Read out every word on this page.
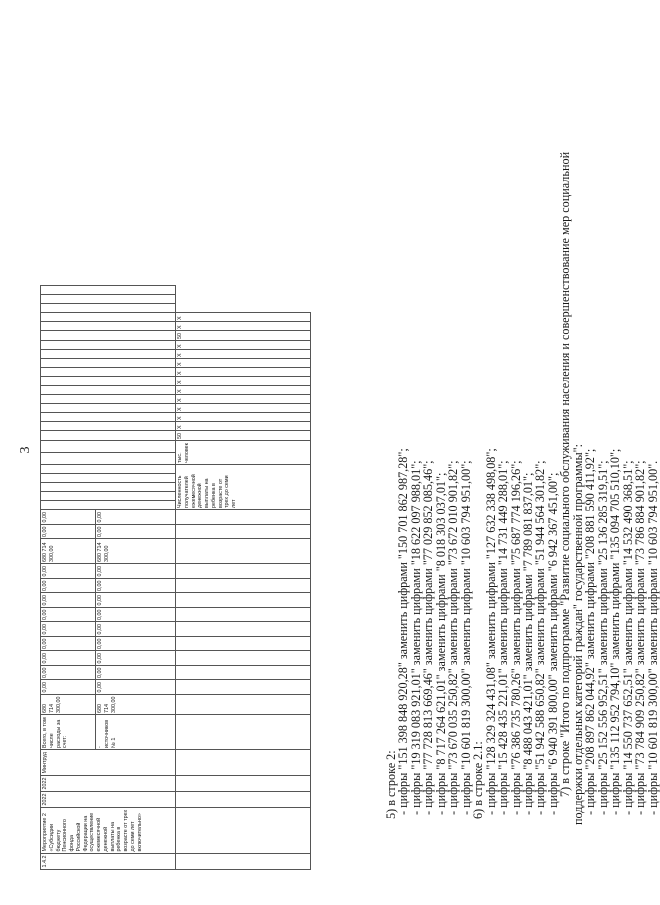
3
1.4.2	Мероприятие 2 «Субсидии бюджету Пенсионного фонда Российской Федерации на осуществление ежемесячной денежной выплаты на ребенка в возрасте от трех до семи лет включительно»	2022	2022	Минтруд	Всего, в том числе расходы за счет:	680 714 300,00	0,00	0,00	0,00	0,00	0,00	0,00	0,00	0,00	0,00	680 714 300,00	0,00	0,00																								
					- источников № 1	680 714 300,00	0,00	0,00	0,00	0,00	0,00	0,00	0,00	0,00	0,00	680 714 300,00	0,00	0,00																								
																			Численность получателей ежемесячной денежной выплаты на ребенка в возрасте от трех до семи лет					тыс. человек		50	X	X	X	X	X	X	X	X	X	X	50	X	X			
5) в строке 2:
- цифры "151 398 848 920,28" заменить цифрами "150 701 862 987,28";
- цифры "19 319 083 921,01" заменить цифрами "18 622 097 988,01";
- цифры "77 728 813 669,46" заменить цифрами "77 029 852 085,46";
- цифры "8 717 264 621,01" заменить цифрами "8 018 303 037,01";
- цифры "73 670 035 250,82" заменить цифрами "73 672 010 901,82";
- цифры "10 601 819 300,00" заменить цифрами "10 603 794 951,00";
6) в строке 2.1:
- цифры "128 329 324 431,08" заменить цифрами "127 632 338 498,08";
- цифры "15 428 435 221,01" заменить цифрами "14 731 449 288,01";
- цифры "76 386 735 780,26" заменить цифрами "75 687 774 196,26";
- цифры "8 488 043 421,01" заменить цифрами "7 789 081 837,01";
- цифры "51 942 588 650,82" заменить цифрами "51 944 564 301,82";
- цифры "6 940 391 800,00" заменить цифрами "6 942 367 451,00";
7) в строке "Итого по подпрограмме "Развитие социального обслуживания населения и совершенствование мер социальной
поддержки отдельных категорий граждан" государственной программы":
- цифры "208 897 862 044,92" заменить цифрами "208 881 590 411,92";
- цифры "25 152 556 952,51" заменить цифрами "25 136 285 319,51";
- цифры "135 112 952 794,10" заменить цифрами "135 094 705 510,10";
- цифры "14 550 737 652,51" заменить цифрами "14 532 490 368,51";
- цифры "73 784 909 250,82" заменить цифрами "73 786 884 901,82";
- цифры "10 601 819 300,00" заменить цифрами "10 603 794 951,00".
